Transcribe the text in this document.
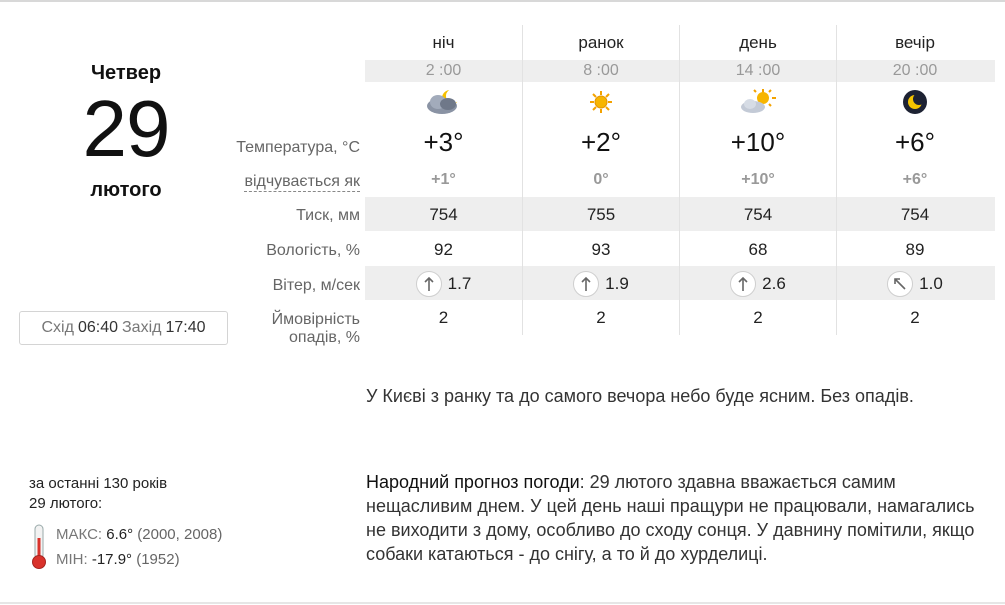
Четвер
29
лютого
Схід 06:40 Захід 17:40
Температура, °C
відчувається як
Тиск, мм
Вологість, %
Вітер, м/сек
Ймовірність
опадів, %
ніч
2 :00
+3°
+1°
754
92
1.7
2
ранок
8 :00
+2°
0°
755
93
1.9
2
день
14 :00
+10°
+10°
754
68
2.6
2
вечір
20 :00
+6°
+6°
754
89
1.0
2
У Києві з ранку та до самого вечора небо буде ясним. Без опадів.
Народний прогноз погоди: 29 лютого здавна вважається самим нещасливим днем. У цей день наші пращури не працювали, намагались не виходити з дому, особливо до сходу сонця. У давнину помітили, якщо собаки катаються - до снігу, а то й до хурделиці.
за останні 130 років
29 лютого:
МАКС: 6.6° (2000, 2008)
МІН: -17.9° (1952)
